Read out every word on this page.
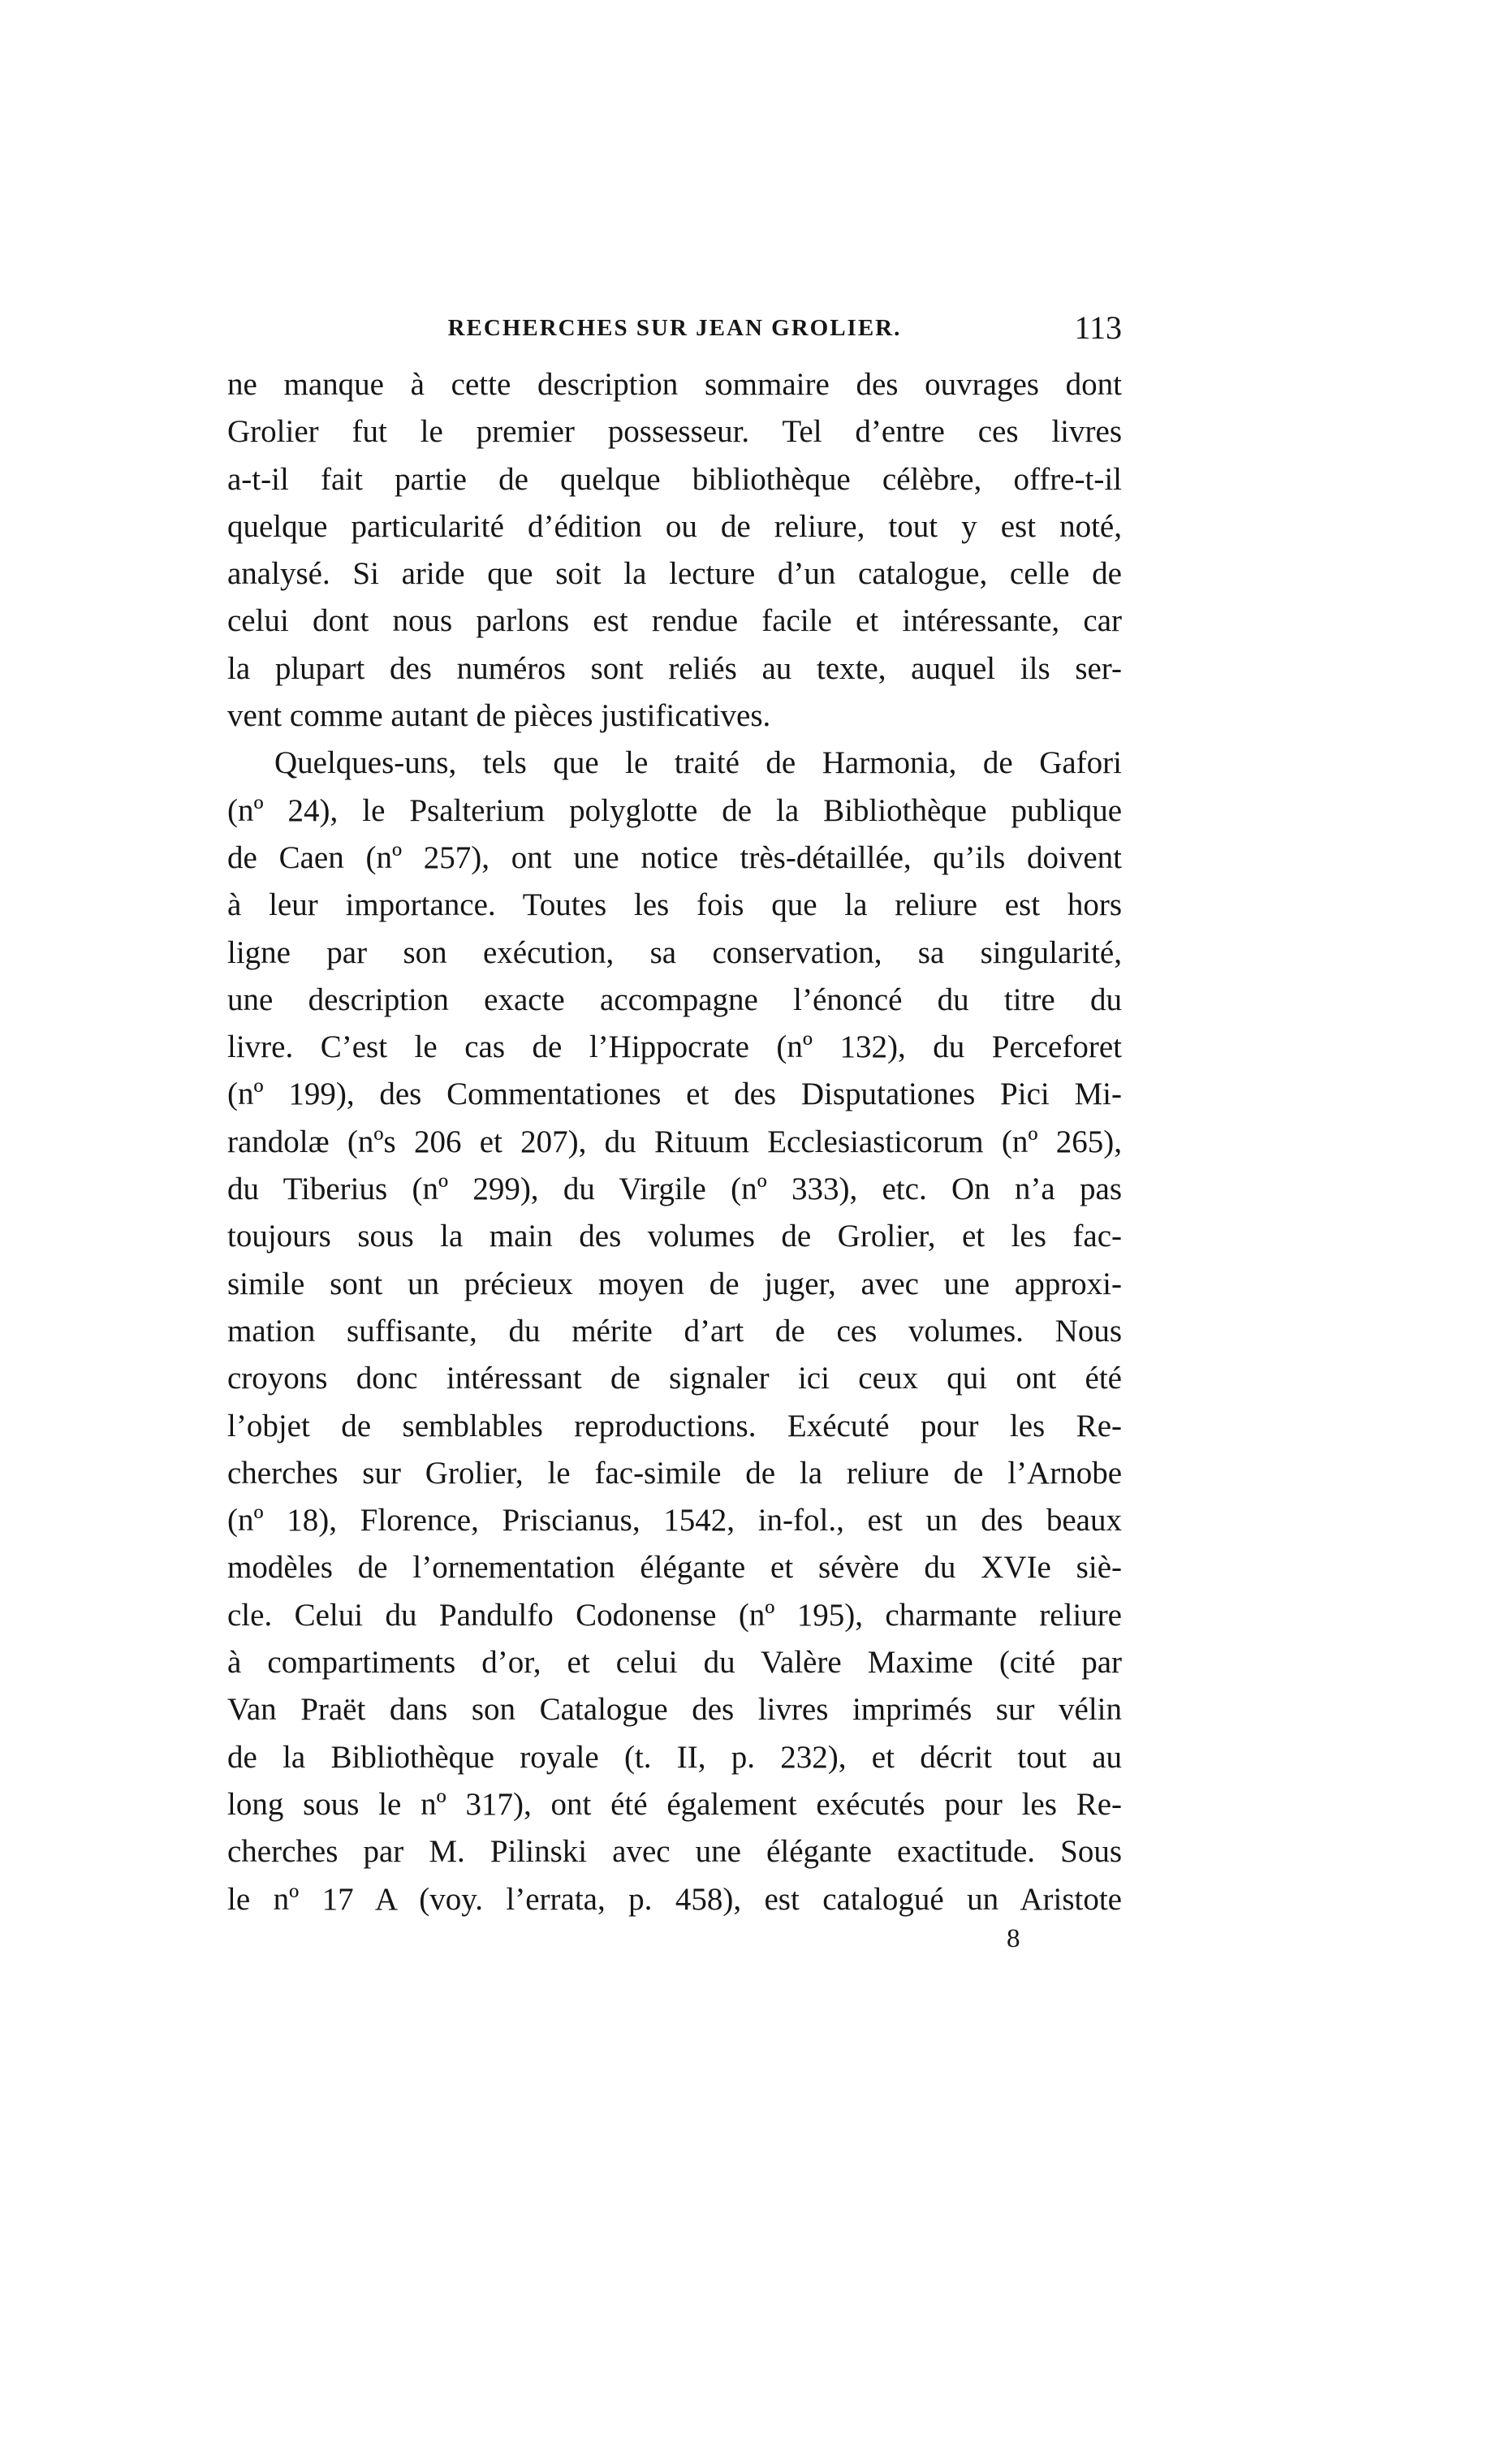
RECHERCHES SUR JEAN GROLIER.	113
ne manque à cette description sommaire des ouvrages dont
Grolier fut le premier possesseur. Tel d’entre ces livres
a-t-il fait partie de quelque bibliothèque célèbre, offre-t-il
quelque particularité d’édition ou de reliure, tout y est noté,
analysé. Si aride que soit la lecture d’un catalogue, celle de
celui dont nous parlons est rendue facile et intéressante, car
la plupart des numéros sont reliés au texte, auquel ils ser-
vent comme autant de pièces justificatives.
Quelques-uns, tels que le traité de Harmonia, de Gafori
(nº 24), le Psalterium polyglotte de la Bibliothèque publique
de Caen (nº 257), ont une notice très-détaillée, qu’ils doivent
à leur importance. Toutes les fois que la reliure est hors
ligne par son exécution, sa conservation, sa singularité,
une description exacte accompagne l’énoncé du titre du
livre. C’est le cas de l’Hippocrate (nº 132), du Perceforet
(nº 199), des Commentationes et des Disputationes Pici Mi-
randolæ (nºs 206 et 207), du Rituum Ecclesiasticorum (nº 265),
du Tiberius (nº 299), du Virgile (nº 333), etc. On n’a pas
toujours sous la main des volumes de Grolier, et les fac-
simile sont un précieux moyen de juger, avec une approxi-
mation suffisante, du mérite d’art de ces volumes. Nous
croyons donc intéressant de signaler ici ceux qui ont été
l’objet de semblables reproductions. Exécuté pour les Re-
cherches sur Grolier, le fac-simile de la reliure de l’Arnobe
(nº 18), Florence, Priscianus, 1542, in-fol., est un des beaux
modèles de l’ornementation élégante et sévère du XVIe siè-
cle. Celui du Pandulfo Codonense (nº 195), charmante reliure
à compartiments d’or, et celui du Valère Maxime (cité par
Van Praët dans son Catalogue des livres imprimés sur vélin
de la Bibliothèque royale (t. II, p. 232), et décrit tout au
long sous le nº 317), ont été également exécutés pour les Re-
cherches par M. Pilinski avec une élégante exactitude. Sous
le nº 17 A (voy. l’errata, p. 458), est catalogué un Aristote
8
